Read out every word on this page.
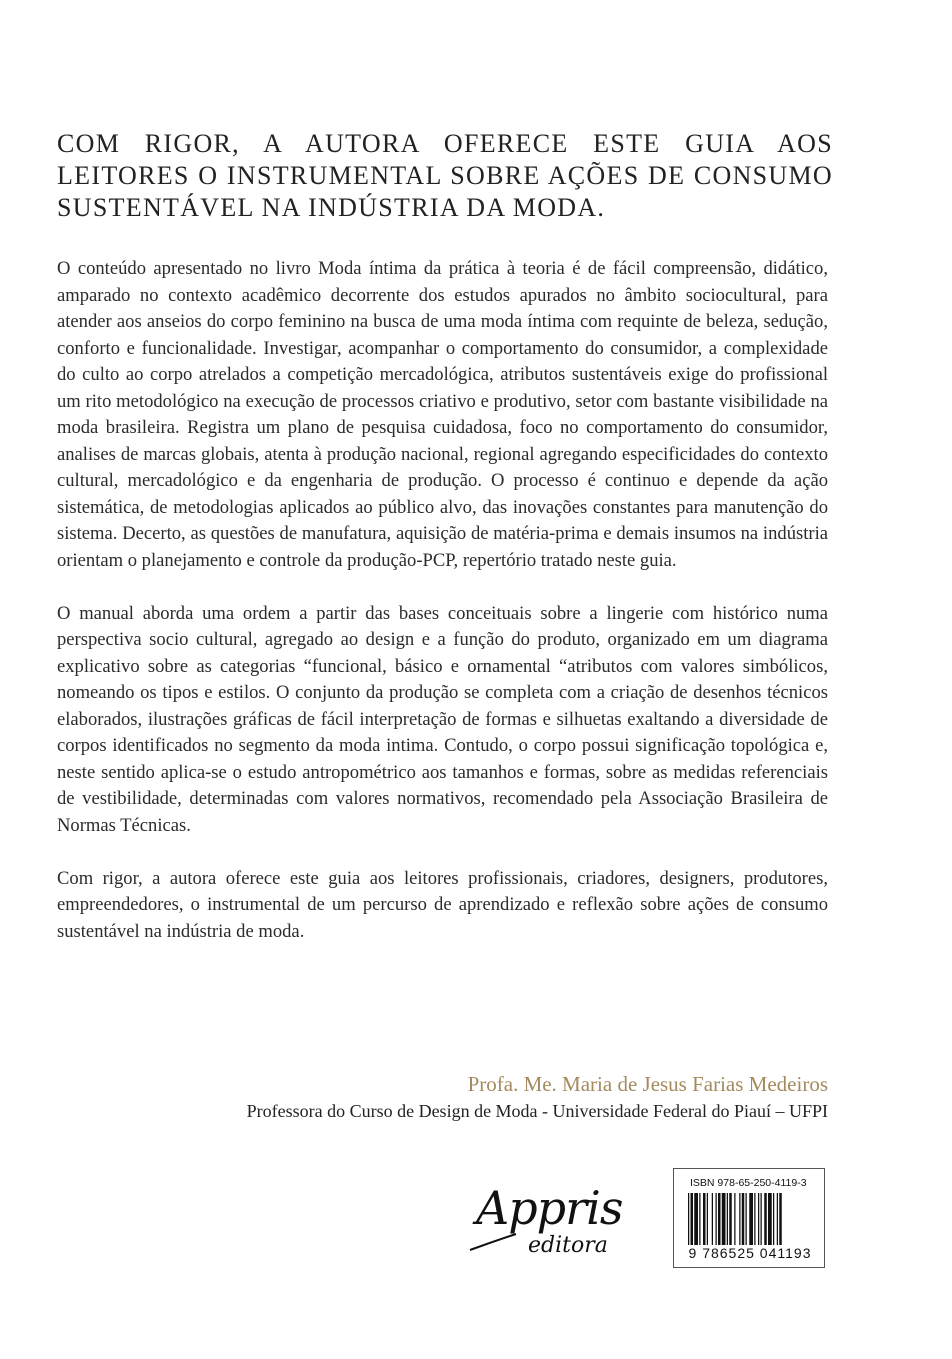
COM RIGOR, A AUTORA OFERECE ESTE GUIA AOS LEITORES O INSTRUMENTAL SOBRE AÇÕES DE CONSUMO SUSTENTÁVEL NA INDÚSTRIA DA MODA.

O conteúdo apresentado no livro Moda íntima da prática à teoria é de fácil compreensão, didático, amparado no contexto acadêmico decorrente dos estudos apurados no âmbito sociocultural, para atender aos anseios do corpo feminino na busca de uma moda íntima com requinte de beleza, sedução, conforto e funcionalidade. Investigar, acompanhar o comportamento do consumidor, a complexidade do culto ao corpo atrelados a competição mercadológica, atributos sustentáveis exige do profissional um rito metodológico na execução de processos criativo e produtivo, setor com bastante visibilidade na moda brasileira. Registra um plano de pesquisa cuidadosa, foco no comportamento do consumidor, analises de marcas globais, atenta à produção nacional, regional agregando especificidades do contexto cultural, mercadológico e da engenharia de produção. O processo é continuo e depende da ação sistemática, de metodologias aplicados ao público alvo, das inovações constantes para manutenção do sistema. Decerto, as questões de manufatura, aquisição de matéria-prima e demais insumos na indústria orientam o planejamento e controle da produção-PCP, repertório tratado neste guia.

O manual aborda uma ordem a partir das bases conceituais sobre a lingerie com histórico numa perspectiva socio cultural, agregado ao design e a função do produto, organizado em um diagrama explicativo sobre as categorias “funcional, básico e ornamental “atributos com valores simbólicos, nomeando os tipos e estilos. O conjunto da produção se completa com a criação de desenhos técnicos elaborados, ilustrações gráficas de fácil interpretação de formas e silhuetas exaltando a diversidade de corpos identificados no segmento da moda intima. Contudo, o corpo possui significação topológica e, neste sentido aplica-se o estudo antropométrico aos tamanhos e formas, sobre as medidas referenciais de vestibilidade, determinadas com valores normativos, recomendado pela Associação Brasileira de Normas Técnicas.

Com rigor, a autora oferece este guia aos leitores profissionais, criadores, designers, produtores, empreendedores, o instrumental de um percurso de aprendizado e reflexão sobre ações de consumo sustentável na indústria de moda.

Profa. Me. Maria de Jesus Farias Medeiros
Professora do Curso de Design de Moda - Universidade Federal do Piauí – UFPI
Appris
editora
ISBN 978-65-250-4119-3
9 786525 041193
